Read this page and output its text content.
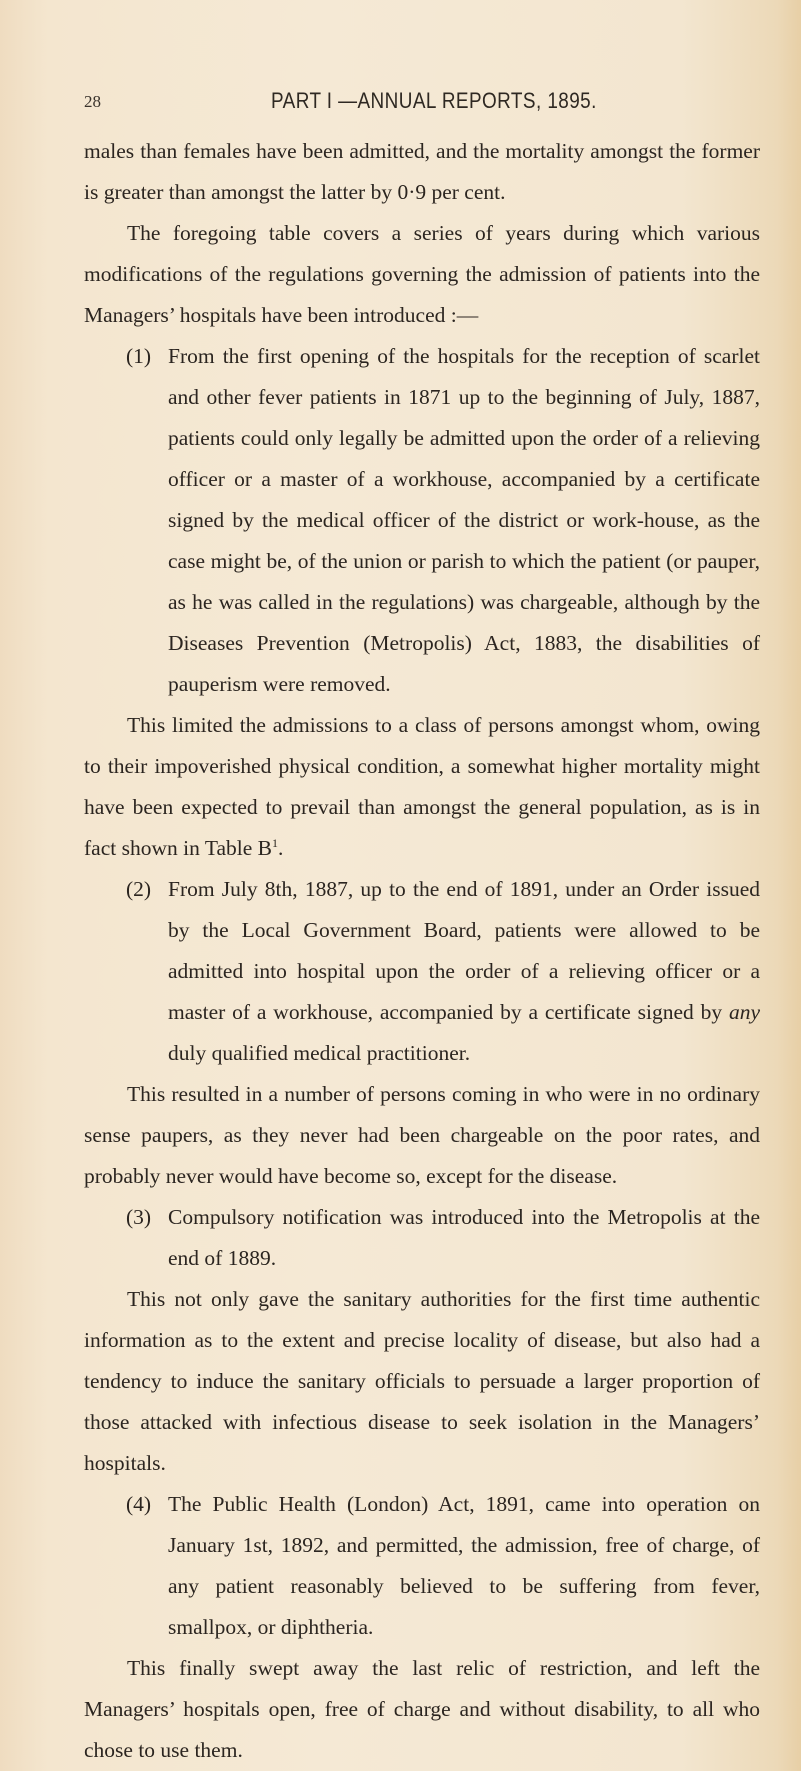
28	PART I —ANNUAL REPORTS, 1895.

males than females have been admitted, and the mortality amongst the former is greater than amongst the latter by 0·9 per cent.

The foregoing table covers a series of years during which various modifications of the regulations governing the admission of patients into the Managers’ hospitals have been introduced :—

(1) From the first opening of the hospitals for the reception of scarlet and other fever patients in 1871 up to the beginning of July, 1887, patients could only legally be admitted upon the order of a relieving officer or a master of a workhouse, accompanied by a certificate signed by the medical officer of the district or work-house, as the case might be, of the union or parish to which the patient (or pauper, as he was called in the regulations) was chargeable, although by the Diseases Prevention (Metropolis) Act, 1883, the disabilities of pauperism were removed.

This limited the admissions to a class of persons amongst whom, owing to their impoverished physical condition, a somewhat higher mortality might have been expected to prevail than amongst the general population, as is in fact shown in Table $B^1$.

(2) From July 8th, 1887, up to the end of 1891, under an Order issued by the Local Government Board, patients were allowed to be admitted into hospital upon the order of a relieving officer or a master of a workhouse, accompanied by a certificate signed by any duly qualified medical practitioner.

This resulted in a number of persons coming in who were in no ordinary sense paupers, as they never had been chargeable on the poor rates, and probably never would have become so, except for the disease.

(3) Compulsory notification was introduced into the Metropolis at the end of 1889.

This not only gave the sanitary authorities for the first time authentic information as to the extent and precise locality of disease, but also had a tendency to induce the sanitary officials to persuade a larger proportion of those attacked with infectious disease to seek isolation in the Managers’ hospitals.

(4) The Public Health (London) Act, 1891, came into operation on January 1st, 1892, and permitted, the admission, free of charge, of any patient reasonably believed to be suffering from fever, smallpox, or diphtheria.

This finally swept away the last relic of restriction, and left the Managers’ hospitals open, free of charge and without disability, to all who chose to use them.
